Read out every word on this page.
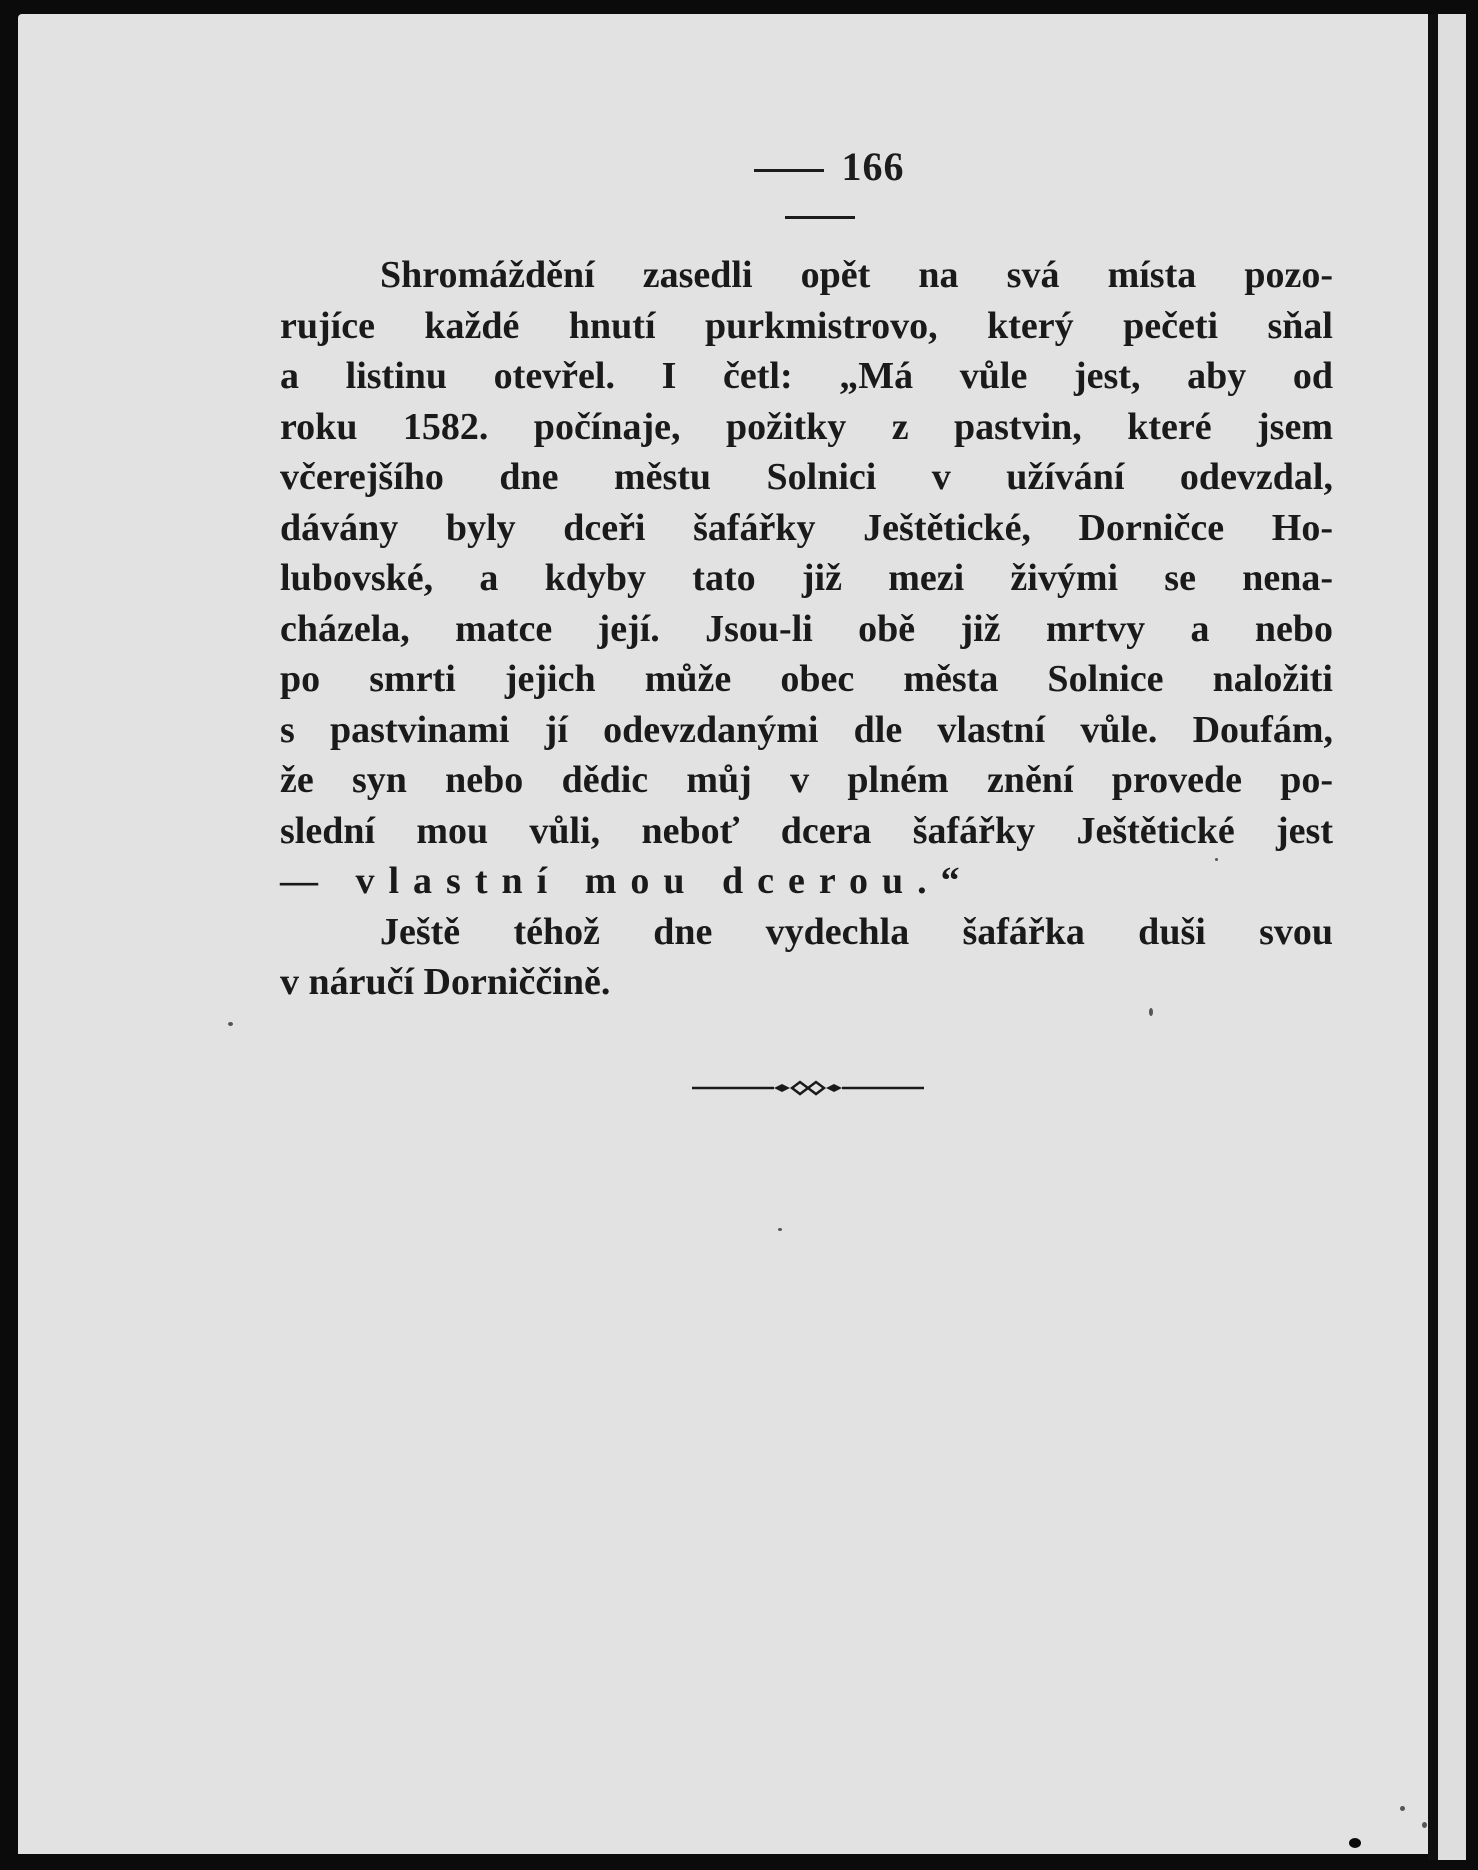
166
Shromáždění zasedli opět na svá místa pozo-
rujíce každé hnutí purkmistrovo, který pečeti sňal
a listinu otevřel. I četl: „Má vůle jest, aby od
roku 1582. počínaje, požitky z pastvin, které jsem
včerejšího dne městu Solnici v užívání odevzdal,
dávány byly dceři šafářky Ještětické, Dorničce Ho-
lubovské, a kdyby tato již mezi živými se nena-
cházela, matce její. Jsou-li obě již mrtvy a nebo
po smrti jejich může obec města Solnice naložiti
s pastvinami jí odevzdanými dle vlastní vůle. Doufám,
že syn nebo dědic můj v plném znění provede po-
slední mou vůli, neboť dcera šafářky Ještětické jest
— vlastní mou dcerou.“
Ještě téhož dne vydechla šafářka duši svou
v náručí Dorniččině.
